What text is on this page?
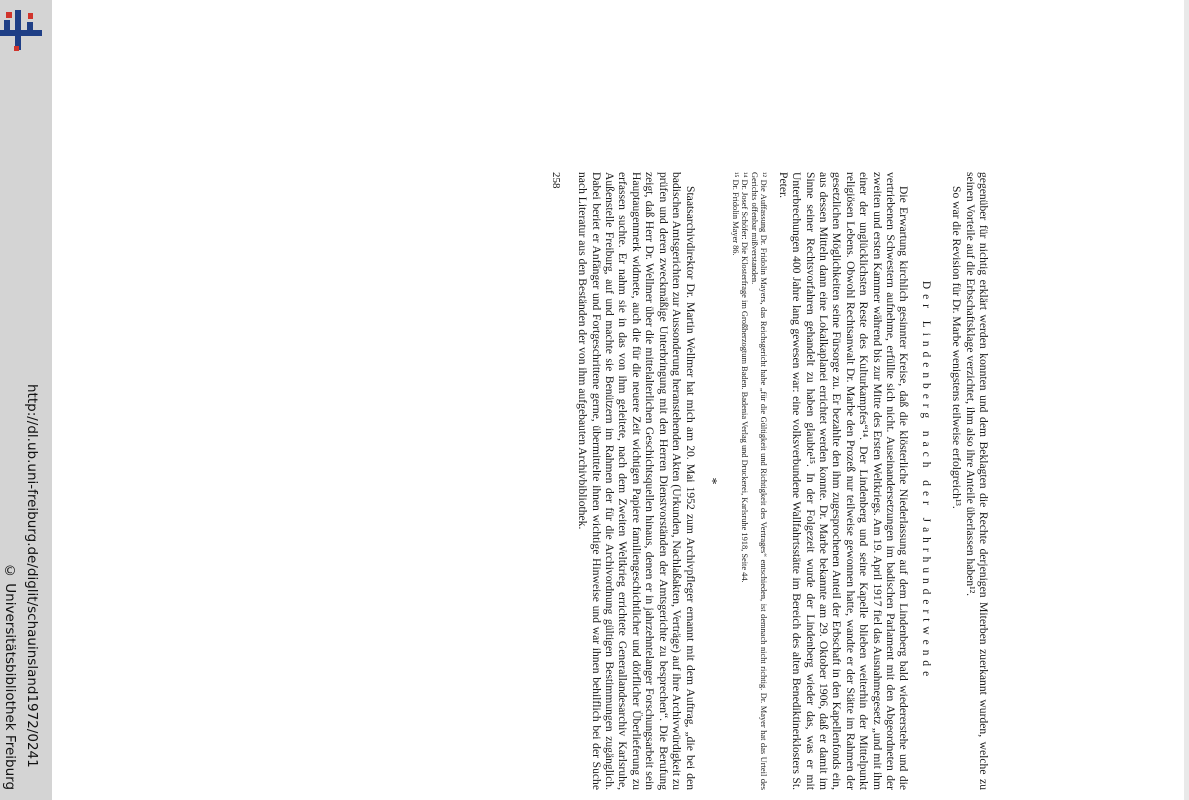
http://dl.ub.uni-freiburg.de/diglit/schauinsland1972/0241
© Universitätsbibliothek Freiburg	gegenüber für nichtig erklärt werden konnten und dem Beklagten die Rechte derjenigen Miterben zuerkannt wurden, welche zu seinen Vorteile auf die Erbschaftsklage verzichtet, ihm also ihre Anteile überlassen haben¹².

So war die Revision für Dr. Marbe wenigstens teilweise erfolgreich¹³.

Der Lindenberg nach der Jahrhundertwende

Die Erwartung kirchlich gesinnter Kreise, daß die klösterliche Niederlassung auf dem Lindenberg bald wiedererstehe und die vertriebenen Schwestern aufnehme, erfüllte sich nicht. Auseinandersetzungen im badischen Parlament mit den Abgeordneten der zweiten und ersten Kammer während bis zur Mitte des Ersten Weltkriegs. Am 19. April 1917 fiel das Ausnahmegesetz „und mit ihm einer der unglücklichsten Reste des Kulturkampfes“¹⁴. Der Lindenberg und seine Kapelle blieben weiterhin der Mittelpunkt religiösen Lebens. Obwohl Rechtsanwalt Dr. Marbe den Prozeß nur teilweise gewonnen hatte, wandte er der Stätte im Rahmen der gesetzlichen Möglichkeiten seine Fürsorge zu. Er bezahlte den ihm zugesprochenen Anteil der Erbschaft in den Kapellenfonds ein, aus dessen Mitteln dann eine Lokalkaplanei errichtet werden konnte. Dr. Marbe bekannte am 29. Oktober 1906, daß er damit im Sinne seiner Rechtsvorfahren gehandelt zu haben glaubte¹⁵. In der Folgezeit wurde der Lindenberg wieder das, was er mit Unterbrechungen 400 Jahre lang gewesen war: eine volksverbundene Wallfahrtsstätte im Bereich des alten Benediktinerklosters St. Peter.

¹² Die Auffassung Dr. Fridolin Mayers, das Reichsgericht habe „für die Gültigkeit und Richtigkeit des Vertrages“ entschieden, ist demnach nicht richtig. Dr. Mayer hat das Urteil des Gerichts offenbar mißverstanden.
¹⁴ Dr. Josef Schöfer: Die Klosterfrage im Großherzogtum Baden. Badenia Verlag und Druckerei, Karlsruhe 1918, Seite 44.
¹⁵ Dr. Fridolin Mayer 86.
*

Staatsarchivdirektor Dr. Martin Wellmer hat mich am 20. Mai 1952 zum Archivpfleger ernannt mit dem Auftrag, „die bei den badischen Amtsgerichten zur Aussonderung heranstehenden Akten (Urkunden, Nachlaßakten, Verträge) auf ihre Archivwürdigkeit zu prüfen und deren zweckmäßige Unterbringung mit den Herren Dienstvorständen der Amtsgerichte zu besprechen“. Die Berufung zeigt, daß Herr Dr. Wellmer über die mittelalterlichen Geschichtsquellen hinaus, denen er in jahrzehntelanger Forschungsarbeit sein Hauptaugenmerk widmete, auch die für die neuere Zeit wichtigen Papiere familiengeschichtlicher und dörflicher Überlieferung zu erfassen suchte. Er nahm sie in das von ihm geleitete, nach dem Zweiten Weltkrieg errichtete Generallandesarchiv Karlsruhe, Außenstelle Freiburg, auf und machte sie Benützern im Rahmen der für die Archivordnung gültigen Bestimmungen zugänglich. Dabei beriet er Anfänger und Fortgeschrittene gerne, übermittelte ihnen wichtige Hinweise und war ihnen behilflich bei der Suche nach Literatur aus den Beständen der von ihm aufgebauten Archivbibliothek.

258
